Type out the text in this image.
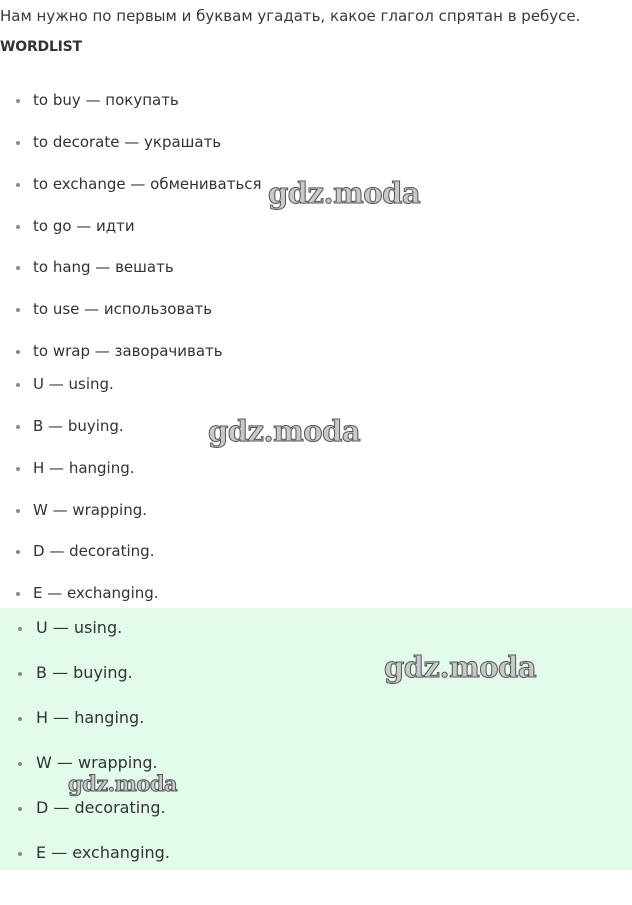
Нам нужно по первым и буквам угадать, какое глагол спрятан в ребусе.
WORDLIST
to buy — покупать
to decorate — украшать
to exchange — обмениваться
to go — идти
to hang — вешать
to use — использовать
to wrap — заворачивать
U — using.
B — buying.
H — hanging.
W — wrapping.
D — decorating.
E — exchanging.
U — using.
B — buying.
H — hanging.
W — wrapping.
D — decorating.
E — exchanging.
gdz.moda
gdz.moda
gdz.moda
gdz.moda
